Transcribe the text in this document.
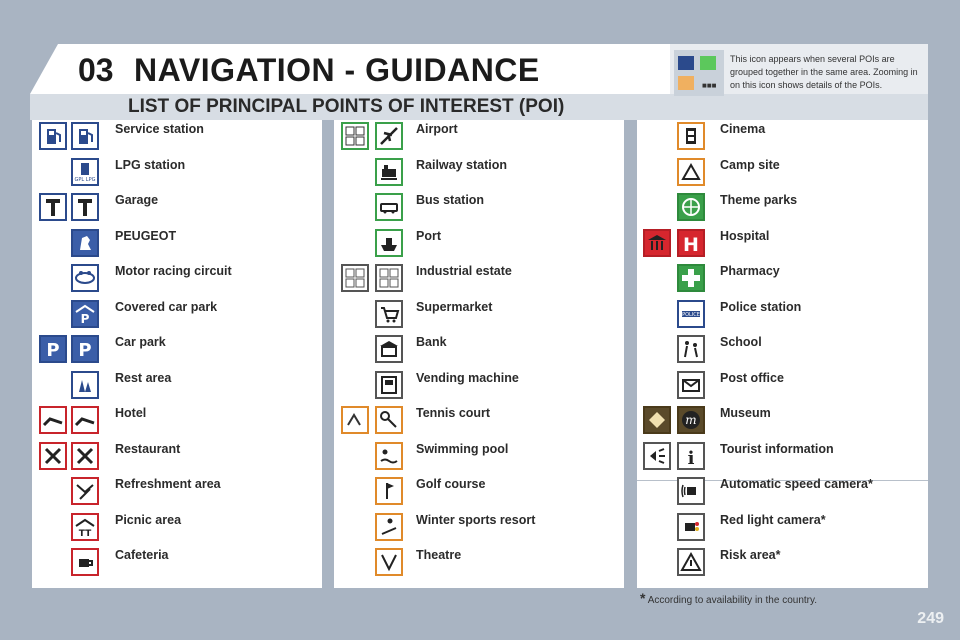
03 NAVIGATION - GUIDANCE
LIST OF PRINCIPAL POINTS OF INTEREST (POI)
■■■
This icon appears when several POIs are grouped together in the same area. Zooming in on this icon shows details of the POIs.
Service station
GPL LPG
LPG station
Garage
PEUGEOT
Motor racing circuit
P
Covered car park
P P Car park
Rest area
Hotel
Restaurant
Refreshment area
TT
Picnic area
Cafeteria
Airport
Railway station
Bus station
Port
Industrial estate
Supermarket
Bank
Vending machine
Tennis court
Swimming pool
Golf course
Winter sports resort
Theatre
Cinema
Camp site
Theme parks
H Hospital
Pharmacy
POLICE
Police station
School
Post office
m Museum
i Tourist information
Automatic speed camera*
Red light camera*
Risk area*
* According to availability in the country.
249
